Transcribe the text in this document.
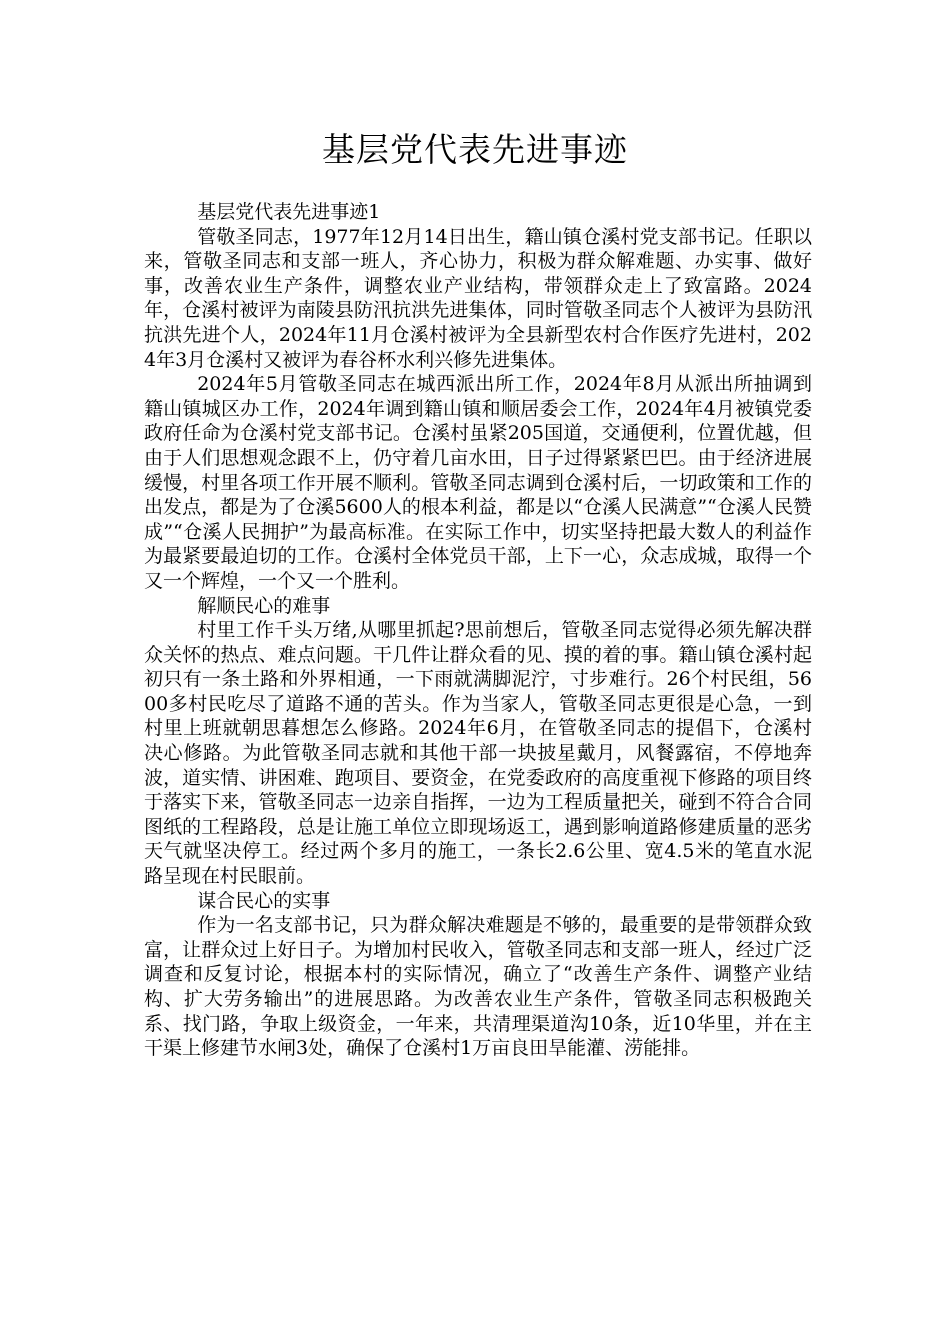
基层党代表先进事迹

基层党代表先进事迹1

管敬圣同志，1977年12月14日出生，籍山镇仓溪村党支部书记。任职以来，管敬圣同志和支部一班人，齐心协力，积极为群众解难题、办实事、做好事，改善农业生产条件，调整农业产业结构，带领群众走上了致富路。2024年，仓溪村被评为南陵县防汛抗洪先进集体，同时管敬圣同志个人被评为县防汛抗洪先进个人，2024年11月仓溪村被评为全县新型农村合作医疗先进村，2024年3月仓溪村又被评为春谷杯水利兴修先进集体。

2024年5月管敬圣同志在城西派出所工作，2024年8月从派出所抽调到籍山镇城区办工作，2024年调到籍山镇和顺居委会工作，2024年4月被镇党委政府任命为仓溪村党支部书记。仓溪村虽紧205国道，交通便利，位置优越，但由于人们思想观念跟不上，仍守着几亩水田，日子过得紧紧巴巴。由于经济进展缓慢，村里各项工作开展不顺利。管敬圣同志调到仓溪村后，一切政策和工作的出发点，都是为了仓溪5600人的根本利益，都是以“仓溪人民满意”“仓溪人民赞成”“仓溪人民拥护”为最高标准。在实际工作中，切实坚持把最大数人的利益作为最紧要最迫切的工作。仓溪村全体党员干部，上下一心，众志成城，取得一个又一个辉煌，一个又一个胜利。

解顺民心的难事

村里工作千头万绪,从哪里抓起?思前想后，管敬圣同志觉得必须先解决群众关怀的热点、难点问题。干几件让群众看的见、摸的着的事。籍山镇仓溪村起初只有一条土路和外界相通，一下雨就满脚泥泞，寸步难行。26个村民组，5600多村民吃尽了道路不通的苦头。作为当家人，管敬圣同志更很是心急，一到村里上班就朝思暮想怎么修路。2024年6月，在管敬圣同志的提倡下，仓溪村决心修路。为此管敬圣同志就和其他干部一块披星戴月，风餐露宿，不停地奔波，道实情、讲困难、跑项目、要资金，在党委政府的高度重视下修路的项目终于落实下来，管敬圣同志一边亲自指挥，一边为工程质量把关，碰到不符合合同图纸的工程路段，总是让施工单位立即现场返工，遇到影响道路修建质量的恶劣天气就坚决停工。经过两个多月的施工，一条长2.6公里、宽4.5米的笔直水泥路呈现在村民眼前。

谋合民心的实事

作为一名支部书记，只为群众解决难题是不够的，最重要的是带领群众致富，让群众过上好日子。为增加村民收入，管敬圣同志和支部一班人，经过广泛调查和反复讨论，根据本村的实际情况，确立了“改善生产条件、调整产业结构、扩大劳务输出”的进展思路。为改善农业生产条件，管敬圣同志积极跑关系、找门路，争取上级资金，一年来，共清理渠道沟10条，近10华里，并在主干渠上修建节水闸3处，确保了仓溪村1万亩良田旱能灌、涝能排。
